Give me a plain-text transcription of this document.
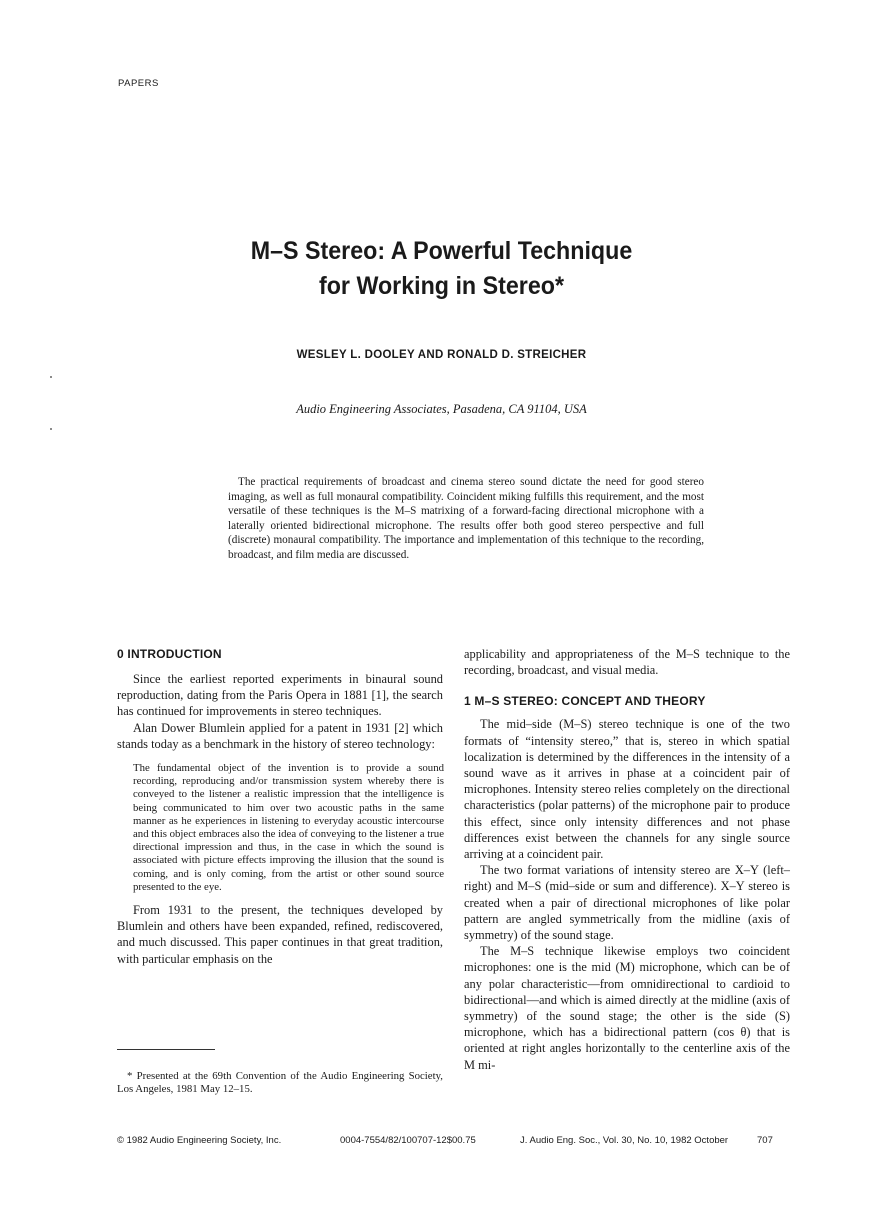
PAPERS
M–S Stereo: A Powerful Technique
for Working in Stereo*
WESLEY L. DOOLEY AND RONALD D. STREICHER
Audio Engineering Associates, Pasadena, CA 91104, USA
The practical requirements of broadcast and cinema stereo sound dictate the need for good stereo imaging, as well as full monaural compatibility. Coincident miking fulfills this requirement, and the most versatile of these techniques is the M–S matrixing of a forward-facing directional microphone with a laterally oriented bidirectional microphone. The results offer both good stereo perspective and full (discrete) monaural compatibility. The importance and implementation of this technique to the recording, broadcast, and film media are discussed.
0 INTRODUCTION

Since the earliest reported experiments in binaural sound reproduction, dating from the Paris Opera in 1881 [1], the search has continued for improvements in stereo techniques.

Alan Dower Blumlein applied for a patent in 1931 [2] which stands today as a benchmark in the history of stereo technology:

The fundamental object of the invention is to provide a sound recording, reproducing and/or transmission system whereby there is conveyed to the listener a realistic impression that the intelligence is being communicated to him over two acoustic paths in the same manner as he experiences in listening to everyday acoustic intercourse and this object embraces also the idea of conveying to the listener a true directional impression and thus, in the case in which the sound is associated with picture effects improving the illusion that the sound is coming, and is only coming, from the artist or other sound source presented to the eye.

From 1931 to the present, the techniques developed by Blumlein and others have been expanded, refined, rediscovered, and much discussed. This paper continues in that great tradition, with particular emphasis on the

* Presented at the 69th Convention of the Audio Engineering Society, Los Angeles, 1981 May 12–15.

applicability and appropriateness of the M–S technique to the recording, broadcast, and visual media.

1 M–S STEREO: CONCEPT AND THEORY

The mid–side (M–S) stereo technique is one of the two formats of “intensity stereo,” that is, stereo in which spatial localization is determined by the differences in the intensity of a sound wave as it arrives in phase at a coincident pair of microphones. Intensity stereo relies completely on the directional characteristics (polar patterns) of the microphone pair to produce this effect, since only intensity differences and not phase differences exist between the channels for any single source arriving at a coincident pair.

The two format variations of intensity stereo are X–Y (left–right) and M–S (mid–side or sum and difference). X–Y stereo is created when a pair of directional microphones of like polar pattern are angled symmetrically from the midline (axis of symmetry) of the sound stage.

The M–S technique likewise employs two coincident microphones: one is the mid (M) microphone, which can be of any polar characteristic—from omnidirectional to cardioid to bidirectional—and which is aimed directly at the midline (axis of symmetry) of the sound stage; the other is the side (S) microphone, which has a bidirectional pattern (cos θ) that is oriented at right angles horizontally to the centerline axis of the M mi-

© 1982 Audio Engineering Society, Inc.	0004-7554/82/100707-12$00.75	J. Audio Eng. Soc., Vol. 30, No. 10, 1982 October	707
